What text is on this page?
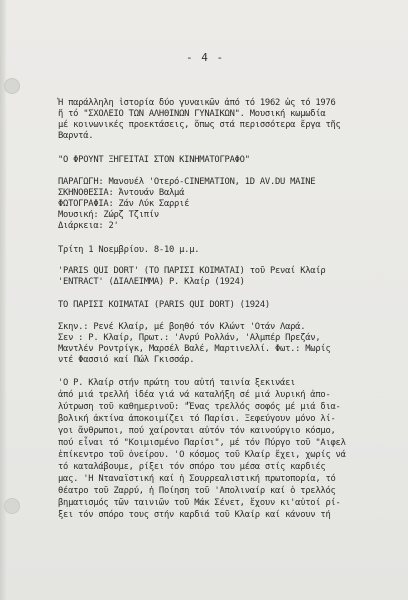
- 4 -
Ἡ παράλληλη ἱστορία δύο γυναικῶν ἀπό τό 1962 ὡς τό 1976
ἤ τό "ΣΧΟΛΕΙΟ ΤΩΝ ΑΛΗΘΙΝΩΝ ΓΥΝΑΙΚΩΝ". Μουσική κωμωδία
μέ κοινωνικές προεκτάσεις, ὅπως στά περισσότερα ἔργα τῆς
Βαρντά.
"Ο ΦΡΟΥΝΤ ΞΗΓΕΙΤΑΙ ΣΤΟΝ ΚΙΝΗΜΑΤΟΓΡΑΦΟ"
ΠΑΡΑΓΩΓΗ: Μανουέλ 'Οτερό-CINEMATION, 1D AV.DU MAINE
ΣΚΗΝΟΘΕΣΙΑ: Άντουάν Βαλμά
ΦΩΤΟΓΡΑΦΙΑ: Ζάν Λύκ Σαρριέ
Μουσική: Ζώρζ Τζιπίν
Διάρκεια: 2'
Τρίτη 1 Νοεμβρίου. 8-10 μ.μ.
'PARIS QUI DORT' (ΤΟ ΠΑΡΙΣΙ ΚΟΙΜΑΤΑΙ) τοῦ Ρεναί Κλαίρ
'ENTRACT' (ΔΙΑΛΕΙΜΜΑ) Ρ. Κλαίρ (1924)
ΤΟ ΠΑΡΙΣΙ ΚΟΙΜΑΤΑΙ (PARIS QUI DORT) (1924)
Σκην.: Ρενέ Κλαίρ, μέ βοηθό τόν Κλώντ 'Οτάν Λαρά.
Σεν : Ρ. Κλαίρ, Πρωτ.: 'Ανρύ Ρολλάν, 'Αλμπέρ Πρεζάν,
Μαντλέν Ροντρίγκ, Μαρσέλ Βαλέ, Μαρτινελλί. Φωτ.: Μωρίς
ντέ Φασσιό καί Πώλ Γκισσάρ.
'Ο Ρ. Κλαίρ στήν πρώτη του αὐτή ταινία ξεκινάει
ἀπό μιά τρελλή ἰδέα γιά νά καταλήξη σέ μιά λυρική ἀπο-
λύτρωση τοῦ καθημερινοῦ: "Ἕνας τρελλός σοφός μέ μιά δια-
βολική ἀκτίνα ἀποκοιμίζει τό Παρίσι. Ξεφεύγουν μόνο λί-
γοι ἄνθρωποι, πού χαίρονται αὐτόν τόν καινούργιο κόσμο,
πού εἶναι τό "Κοιμισμένο Παρίσι", μέ τόν Πύργο τοῦ "Αιφελ
ἐπίκεντρο τοῦ ὀνείρου. 'Ο κόσμος τοῦ Κλαίρ ἔχει, χωρίς νά
τό καταλάβουμε, ρίξει τόν σπόρο του μέσα στίς καρδιές
μας. 'Η Νταναϊστική καί ἡ Σουρρεαλιστική πρωτοπορία, τό
θέατρο τοῦ Ζαρρύ, ἡ Ποίηση τοῦ 'Απολιναίρ καί ὁ τρελλός
βηματισμός τῶν ταινιῶν τοῦ Μάκ Σένετ, ἔχουν κι'αὐτοί ρί-
ξει τόν σπόρο τους στήν καρδιά τοῦ Κλαίρ καί κάνουν τή
